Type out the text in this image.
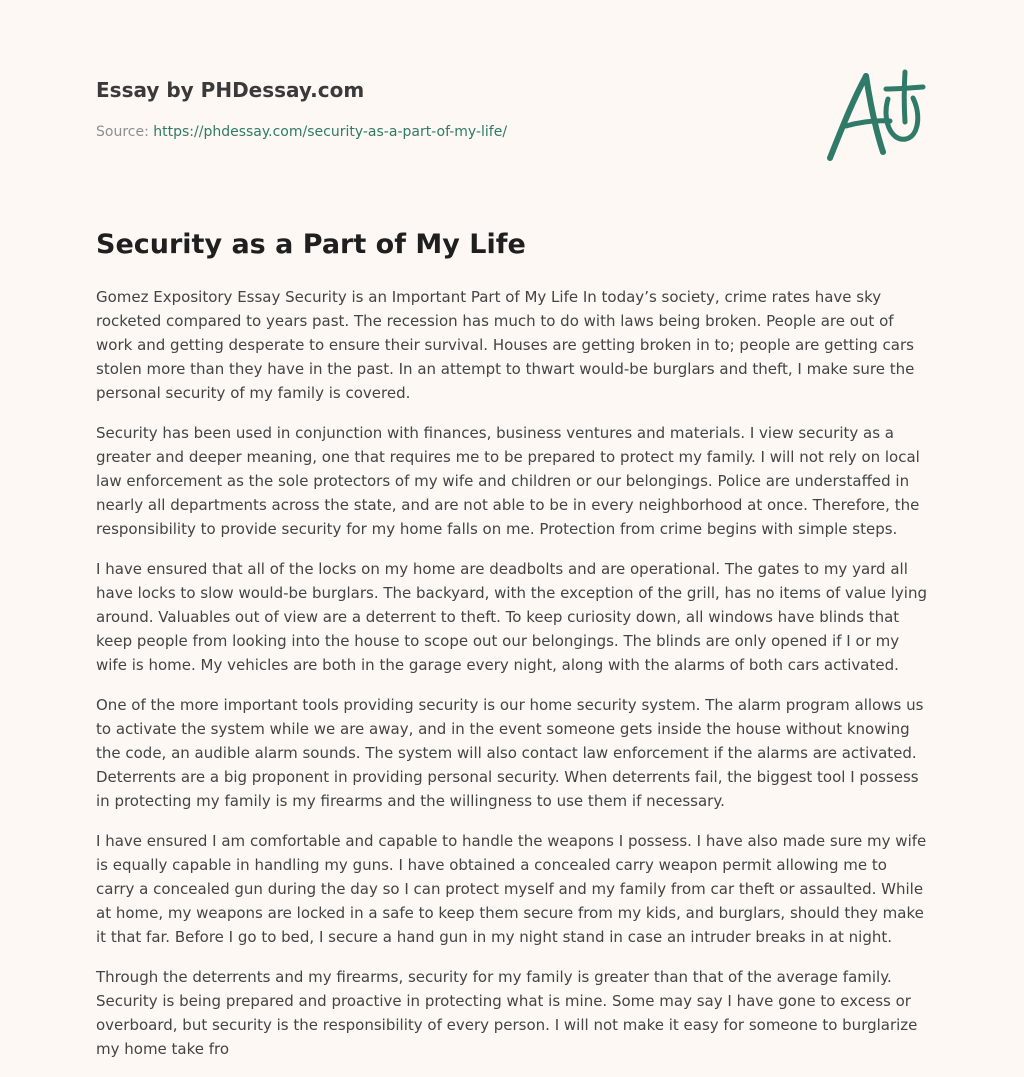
Essay by PHDessay.com
Source: https://phdessay.com/security-as-a-part-of-my-life/
Security as a Part of My Life

Gomez Expository Essay Security is an Important Part of My Life In today’s society, crime rates have sky rocketed compared to years past. The recession has much to do with laws being broken. People are out of work and getting desperate to ensure their survival. Houses are getting broken in to; people are getting cars stolen more than they have in the past. In an attempt to thwart would-be burglars and theft, I make sure the personal security of my family is covered.

Security has been used in conjunction with finances, business ventures and materials. I view security as a greater and deeper meaning, one that requires me to be prepared to protect my family. I will not rely on local law enforcement as the sole protectors of my wife and children or our belongings. Police are understaffed in nearly all departments across the state, and are not able to be in every neighborhood at once. Therefore, the responsibility to provide security for my home falls on me. Protection from crime begins with simple steps.

I have ensured that all of the locks on my home are deadbolts and are operational. The gates to my yard all have locks to slow would-be burglars. The backyard, with the exception of the grill, has no items of value lying around. Valuables out of view are a deterrent to theft. To keep curiosity down, all windows have blinds that keep people from looking into the house to scope out our belongings. The blinds are only opened if I or my wife is home. My vehicles are both in the garage every night, along with the alarms of both cars activated.

One of the more important tools providing security is our home security system. The alarm program allows us to activate the system while we are away, and in the event someone gets inside the house without knowing the code, an audible alarm sounds. The system will also contact law enforcement if the alarms are activated. Deterrents are a big proponent in providing personal security. When deterrents fail, the biggest tool I possess in protecting my family is my firearms and the willingness to use them if necessary.

I have ensured I am comfortable and capable to handle the weapons I possess. I have also made sure my wife is equally capable in handling my guns. I have obtained a concealed carry weapon permit allowing me to carry a concealed gun during the day so I can protect myself and my family from car theft or assaulted. While at home, my weapons are locked in a safe to keep them secure from my kids, and burglars, should they make it that far. Before I go to bed, I secure a hand gun in my night stand in case an intruder breaks in at night.

Through the deterrents and my firearms, security for my family is greater than that of the average family. Security is being prepared and proactive in protecting what is mine. Some may say I have gone to excess or overboard, but security is the responsibility of every person. I will not make it easy for someone to burglarize my home take fro
